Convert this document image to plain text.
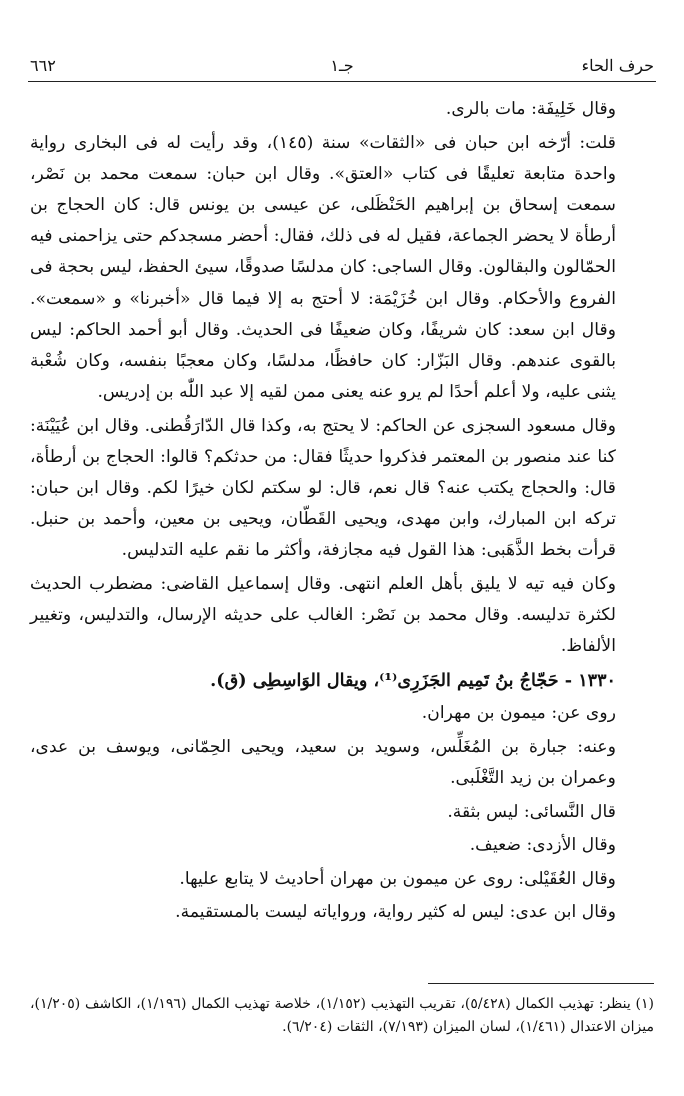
٦٦٢	جـ١	حرف الحاء

وقال خَلِيفَة: مات بالرى.

قلت: أرّخه ابن حبان فى «الثقات» سنة (١٤٥)، وقد رأيت له فى البخارى رواية واحدة متابعة تعليقًا فى كتاب «العتق». وقال ابن حبان: سمعت محمد بن نَصْر، سمعت إسحاق بن إبراهيم الحَنْظَلى، عن عيسى بن يونس قال: كان الحجاج بن أرطأة لا يحضر الجماعة، فقيل له فى ذلك، فقال: أحضر مسجدكم حتى يزاحمنى فيه الحمّالون والبقالون. وقال الساجى: كان مدلسًا صدوقًا، سيئ الحفظ، ليس بحجة فى الفروع والأحكام. وقال ابن خُزَيْمَة: لا أحتج به إلا فيما قال «أخبرنا» و «سمعت». وقال ابن سعد: كان شريفًا، وكان ضعيفًا فى الحديث. وقال أبو أحمد الحاكم: ليس بالقوى عندهم. وقال البَزّار: كان حافظًا، مدلسًا، وكان معجبًا بنفسه، وكان شُعْبة يثنى عليه، ولا أعلم أحدًا لم يرو عنه يعنى ممن لقيه إلا عبد اللّٰه بن إدريس.

وقال مسعود السجزى عن الحاكم: لا يحتج به، وكذا قال الدّارَقُطنى. وقال ابن عُيَيْنَة: كنا عند منصور بن المعتمر فذكروا حديثًا فقال: من حدثكم؟ قالوا: الحجاج بن أرطأة، قال: والحجاج يكتب عنه؟ قال نعم، قال: لو سكتم لكان خيرًا لكم. وقال ابن حبان: تركه ابن المبارك، وابن مهدى، ويحيى القَطّان، ويحيى بن معين، وأحمد بن حنبل. قرأت بخط الذَّهَبى: هذا القول فيه مجازفة، وأكثر ما نقم عليه التدليس.

وكان فيه تيه لا يليق بأهل العلم انتهى. وقال إسماعيل القاضى: مضطرب الحديث لكثرة تدليسه. وقال محمد بن نَصْر: الغالب على حديثه الإرسال، والتدليس، وتغيير الألفاظ.

١٣٣٠ - حَجّاجُ بنُ تَمِيم الجَزَرِى⁽¹⁾، ويقال الوَاسِطِى (ق).

روى عن: ميمون بن مهران.

وعنه: جبارة بن المُغَلِّس، وسويد بن سعيد، ويحيى الحِمّانى، ويوسف بن عدى، وعمران بن زيد التَّغْلَبى.

قال النَّسائى: ليس بثقة.

وقال الأزدى: ضعيف.

وقال العُقَيْلى: روى عن ميمون بن مهران أحاديث لا يتابع عليها.

وقال ابن عدى: ليس له كثير رواية، ورواياته ليست بالمستقيمة.

(١) ينظر: تهذيب الكمال (٥/٤٢٨)، تقريب التهذيب (١/١٥٢)، خلاصة تهذيب الكمال (١/١٩٦)، الكاشف (١/٢٠٥)، ميزان الاعتدال (١/٤٦١)، لسان الميزان (٧/١٩٣)، الثقات (٦/٢٠٤).
